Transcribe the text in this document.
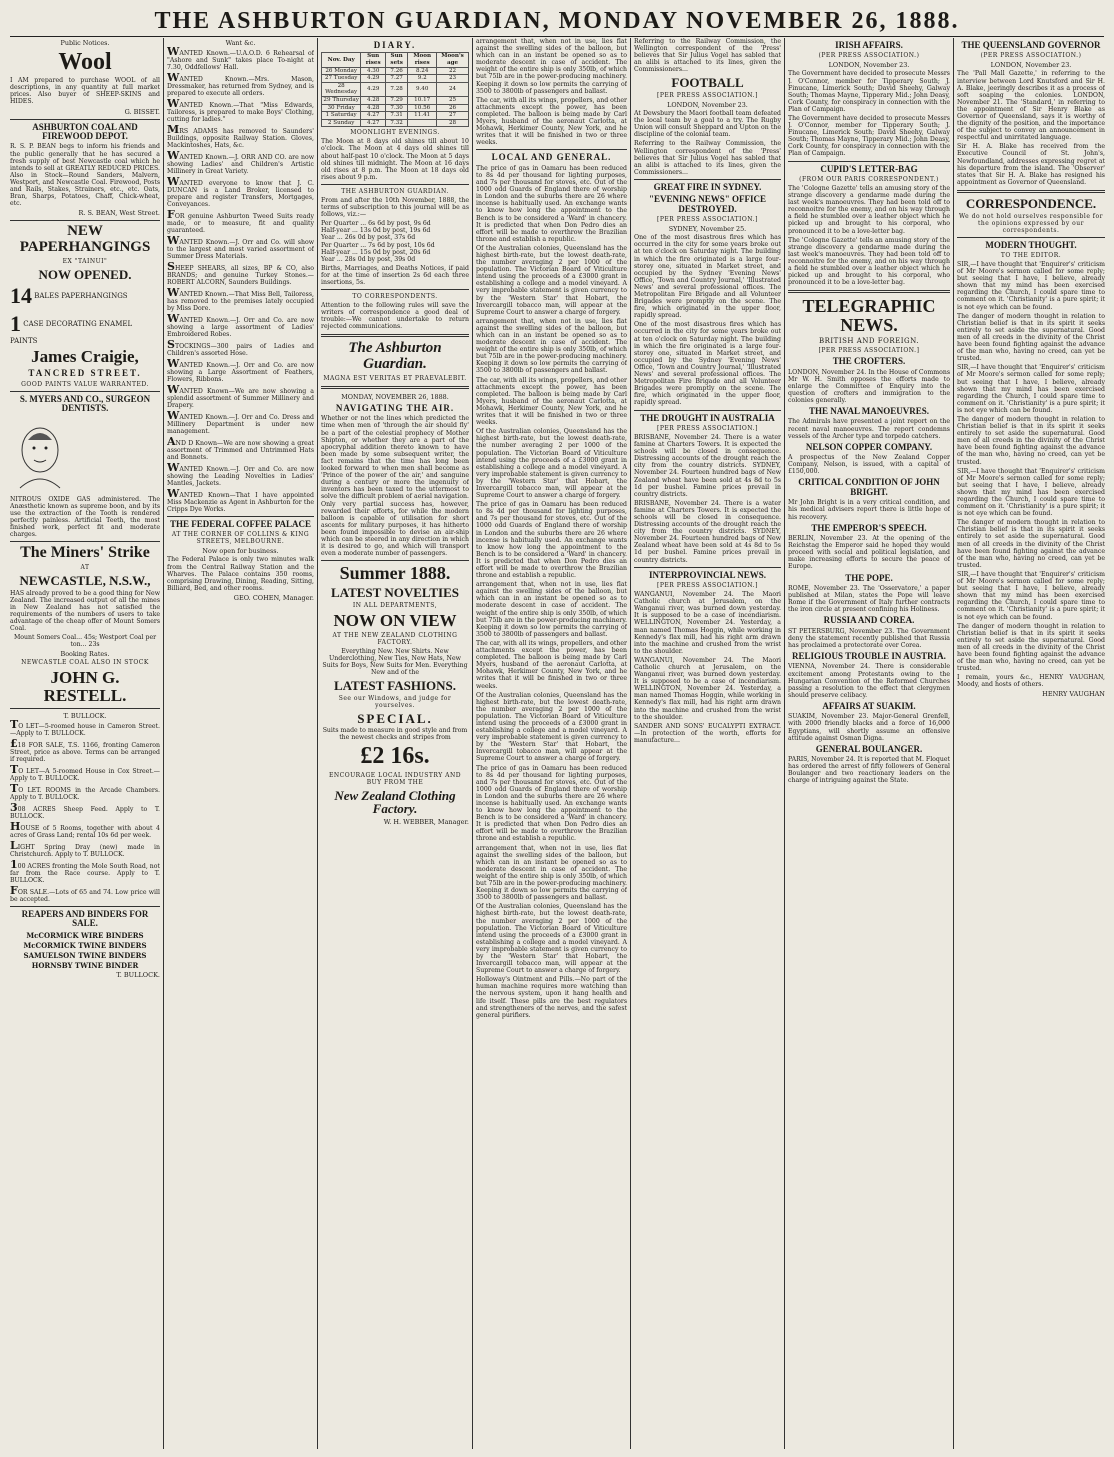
THE ASHBURTON GUARDIAN, MONDAY NOVEMBER 26, 1888.
Public Notices.
Wool

I AM prepared to purchase WOOL of all descriptions, in any quantity at full market prices. Also buyer of SHEEP-SKINS and HIDES.

G. BISSET.
ASHBURTON COAL AND FIREWOOD DEPOT.

R. S. P. BEAN begs to inform his friends and the public generally that he has secured a fresh supply of best Newcastle coal which he intends to sell at GREATLY REDUCED PRICES. Also in Stock—Round Sanders, Malvern, Westport, and Newcastle Coal. Firewood, Posts and Rails, Stakes, Strainers, etc., etc. Oats, Bran, Sharps, Potatoes, Chaff, Chick-wheat, etc.

R. S. BEAN, West Street.
NEW PAPERHANGINGS
EX "TAINUI"
NOW OPENED.
14 BALES PAPERHANGINGS
1 CASE DECORATING ENAMEL PAINTS
James Craigie,
TANCRED STREET.
GOOD PAINTS VALUE WARRANTED.
S. MYERS AND CO., SURGEON DENTISTS.

NITROUS OXIDE GAS administered. The Anæsthetic known as supreme boon, and by its use the extraction of the Tooth is rendered perfectly painless. Artificial Teeth, the most finished work, perfect fit and moderate charges.

The Miners' Strike
AT
NEWCASTLE, N.S.W.,

HAS already proved to be a good thing for New Zealand. The increased output of all the mines in New Zealand has not satisfied the requirements of the numbers of users to take advantage of the cheap offer of Mount Somers Coal.

Mount Somers Coal... 45s; Westport Coal per ton... 23s

Booking Rates.
NEWCASTLE COAL ALSO IN STOCK
JOHN G. RESTELL.
T. BULLOCK.
TO LET—5-roomed house in Cameron Street.—Apply to T. BULLOCK.
£18 FOR SALE, T.S. 1166, fronting Cameron Street, price as above. Terms can be arranged if required.
TO LET—A 5-roomed House in Cox Street.—Apply to T. BULLOCK.
TO LET. ROOMS in the Arcade Chambers. Apply to T. BULLOCK.
308 ACRES Sheep Feed. Apply to T. BULLOCK.
HOUSE of 5 Rooms, together with about 4 acres of Grass Land; rental 10s 6d per week.
LIGHT Spring Dray (new) made in Christchurch. Apply to T. BULLOCK.
100 ACRES fronting the Mole South Road, not far from the Race course. Apply to T. BULLOCK.
FOR SALE.—Lots of 65 and 74. Low price will be accepted.
REAPERS AND BINDERS FOR SALE.
McCORMICK WIRE BINDERS
McCORMICK TWINE BINDERS
SAMUELSON TWINE BINDERS
HORNSBY TWINE BINDER
T. BULLOCK.
Want &c.
WANTED Known.—U.A.O.D. 6 Rehearsal of "Ashore and Sunk" takes place To-night at 7.30, Oddfellows' Hall.
WANTED Known.—Mrs. Mason, Dressmaker, has returned from Sydney, and is prepared to execute all orders.
WANTED Known.—That "Miss Edwards, Tailoress, is prepared to make Boys' Clothing, cutting for ladies."
MRS ADAMS has removed to Saunders' Buildings, opposite Railway Station. Gloves, Mackintoshes, Hats, &c.
WANTED Known.—J. ORR AND CO. are now showing Ladies' and Children's Artistic Millinery in Great Variety.
WANTED everyone to know that J. C. DUNCAN is a Land Broker, licensed to prepare and register Transfers, Mortgages, Conveyances.
FOR genuine Ashburton Tweed Suits ready made, or to measure, fit and quality guaranteed.
WANTED Known.—J. Orr and Co. will show to the largest and most varied assortment of Summer Dress Materials.
SHEEP SHEARS, all sizes, BP & CO, also BRANDS; and genuine Turkey Stones.—ROBERT ALCORN, Saunders Buildings.
WANTED Known.—That Miss Bell, Tailoress, has removed to the premises lately occupied by Miss Dore.
WANTED Known.—J. Orr and Co. are now showing a large assortment of Ladies' Embroidered Robes.
STOCKINGS—300 pairs of Ladies and Children's assorted Hose.
WANTED Known.—J. Orr and Co. are now showing a Large Assortment of Feathers, Flowers, Ribbons.
WANTED Known—We are now showing a splendid assortment of Summer Millinery and Drapery.
WANTED Known.—J. Orr and Co. Dress and Millinery Department is under new management.
AND D Known—We are now showing a great assortment of Trimmed and Untrimmed Hats and Bonnets.
WANTED Known.—J. Orr and Co. are now showing the Leading Novelties in Ladies' Mantles, Jackets.
WANTED Known—That I have appointed Miss Mackenzie as Agent in Ashburton for the Cripps Dye Works.
THE FEDERAL COFFEE PALACE
AT THE CORNER OF COLLINS & KING STREETS, MELBOURNE.
Now open for business.

The Federal Palace is only two minutes walk from the Central Railway Station and the Wharves. The Palace contains 350 rooms, comprising Drawing, Dining, Reading, Sitting, Billiard, Bed, and other rooms.

GEO. COHEN, Manager.
DIARY.
Nov. Day	Sun rises	Sun sets	Moon rises	Moon's age
26 Monday	4.30	7.26	8.24	22
27 Tuesday	4.29	7.27	9.2	23
28 Wednesday	4.29	7.28	9.40	24
29 Thursday	4.28	7.29	10.17	25
30 Friday	4.28	7.30	10.56	26
1 Saturday	4.27	7.31	11.41	27
2 Sunday	4.27	7.32		28
MOONLIGHT EVENINGS.

The Moon at 8 days old shines till about 10 o'clock. The Moon at 4 days old shines till about half-past 10 o'clock. The Moon at 5 days old shines till midnight. The Moon at 16 days old rises at 8 p.m. The Moon at 18 days old rises about 9 p.m.

THE ASHBURTON GUARDIAN.

From and after the 10th November, 1888, the terms of subscription to this journal will be as follows, viz.:—

Per Quarter ... 6s 6d by post, 9s 6d

Half-year ... 13s 0d by post, 19s 6d

Year ... 26s 0d by post, 37s 6d

Per Quarter ... 7s 6d by post, 10s 6d

Half-year ... 15s 0d by post, 20s 6d

Year ... 28s 0d by post, 39s 0d

Births, Marriages, and Deaths Notices, if paid for at the time of insertion 2s 6d each three insertions, 5s.

TO CORRESPONDENTS.

Attention to the following rules will save the writers of correspondence a good deal of trouble:—We cannot undertake to return rejected communications.

The Ashburton Guardian.
MAGNA EST VERITAS ET PRAEVALEBIT.
MONDAY, NOVEMBER 26, 1888.
NAVIGATING THE AIR.

Whether or not the lines which predicted the time when men of 'through the air should fly' be a part of the celestial prophecy of Mother Shipton, or whether they are a part of the apocryphal addition thereto known to have been made by some subsequent writer, the fact remains that the time has long been looked forward to when men shall become as 'Prince of the power of the air,' and sanguine during a century or more the ingenuity of inventors has been taxed to the uttermost to solve the difficult problem of aerial navigation. Only very partial success has, however, rewarded their efforts, for while the modern balloon is capable of utilisation for short ascents for military purposes, it has hitherto been found impossible to devise an air-ship which can be steered in any direction in which it is desired to go, and which will transport even a moderate number of passengers.

Summer 1888.
LATEST NOVELTIES
IN ALL DEPARTMENTS,
NOW ON VIEW
AT THE NEW ZEALAND CLOTHING FACTORY.

Everything New. New Shirts. New Underclothing, New Ties, New Hats, New Suits for Boys, New Suits for Men. Everything New and of the

LATEST FASHIONS.
See our Windows, and judge for yourselves.
SPECIAL.

Suits made to measure in good style and from the newest checks and stripes from

£2 16s.
ENCOURAGE LOCAL INDUSTRY AND BUY FROM THE
New Zealand Clothing Factory.
W. H. WEBBER, Manager.

arrangement that, when not in use, lies flat against the swelling sides of the balloon, but which can in an instant be opened so as to moderate descent in case of accident. The weight of the entire ship is only 350lb, of which but 75lb are in the power-producing machinery. Keeping it down so low permits the carrying of 3500 to 3800lb of passengers and ballast.

The car, with all its wings, propellers, and other attachments except the power, has been completed. The balloon is being made by Carl Myers, husband of the aeronaut Carlotta, at Mohawk, Herkimer County, New York, and he writes that it will be finished in two or three weeks.

LOCAL AND GENERAL.

The price of gas in Oamaru has been reduced to 8s 4d per thousand for lighting purposes, and 7s per thousand for stoves, etc. Out of the 1000 odd Guards of England there of worship in London and the suburbs there are 26 where incense is habitually used. An exchange wants to know how long the appointment to the Bench is to be considered a 'Ward' in chancery. It is predicted that when Don Pedro dies an effort will be made to overthrow the Brazilian throne and establish a republic.

Of the Australian colonies, Queensland has the highest birth-rate, but the lowest death-rate, the number averaging 2 per 1000 of the population. The Victorian Board of Viticulture intend using the proceeds of a £3000 grant in establishing a college and a model vineyard. A very improbable statement is given currency to by the 'Western Star' that Hobart, the Invercargill tobacco man, will appear at the Supreme Court to answer a charge of forgery.

arrangement that, when not in use, lies flat against the swelling sides of the balloon, but which can in an instant be opened so as to moderate descent in case of accident. The weight of the entire ship is only 350lb, of which but 75lb are in the power-producing machinery. Keeping it down so low permits the carrying of 3500 to 3800lb of passengers and ballast.

The car, with all its wings, propellers, and other attachments except the power, has been completed. The balloon is being made by Carl Myers, husband of the aeronaut Carlotta, at Mohawk, Herkimer County, New York, and he writes that it will be finished in two or three weeks.

Of the Australian colonies, Queensland has the highest birth-rate, but the lowest death-rate, the number averaging 2 per 1000 of the population. The Victorian Board of Viticulture intend using the proceeds of a £3000 grant in establishing a college and a model vineyard. A very improbable statement is given currency to by the 'Western Star' that Hobart, the Invercargill tobacco man, will appear at the Supreme Court to answer a charge of forgery.

The price of gas in Oamaru has been reduced to 8s 4d per thousand for lighting purposes, and 7s per thousand for stoves, etc. Out of the 1000 odd Guards of England there of worship in London and the suburbs there are 26 where incense is habitually used. An exchange wants to know how long the appointment to the Bench is to be considered a 'Ward' in chancery. It is predicted that when Don Pedro dies an effort will be made to overthrow the Brazilian throne and establish a republic.

arrangement that, when not in use, lies flat against the swelling sides of the balloon, but which can in an instant be opened so as to moderate descent in case of accident. The weight of the entire ship is only 350lb, of which but 75lb are in the power-producing machinery. Keeping it down so low permits the carrying of 3500 to 3800lb of passengers and ballast.

The car, with all its wings, propellers, and other attachments except the power, has been completed. The balloon is being made by Carl Myers, husband of the aeronaut Carlotta, at Mohawk, Herkimer County, New York, and he writes that it will be finished in two or three weeks.

Of the Australian colonies, Queensland has the highest birth-rate, but the lowest death-rate, the number averaging 2 per 1000 of the population. The Victorian Board of Viticulture intend using the proceeds of a £3000 grant in establishing a college and a model vineyard. A very improbable statement is given currency to by the 'Western Star' that Hobart, the Invercargill tobacco man, will appear at the Supreme Court to answer a charge of forgery.

The price of gas in Oamaru has been reduced to 8s 4d per thousand for lighting purposes, and 7s per thousand for stoves, etc. Out of the 1000 odd Guards of England there of worship in London and the suburbs there are 26 where incense is habitually used. An exchange wants to know how long the appointment to the Bench is to be considered a 'Ward' in chancery. It is predicted that when Don Pedro dies an effort will be made to overthrow the Brazilian throne and establish a republic.

arrangement that, when not in use, lies flat against the swelling sides of the balloon, but which can in an instant be opened so as to moderate descent in case of accident. The weight of the entire ship is only 350lb, of which but 75lb are in the power-producing machinery. Keeping it down so low permits the carrying of 3500 to 3800lb of passengers and ballast.

Of the Australian colonies, Queensland has the highest birth-rate, but the lowest death-rate, the number averaging 2 per 1000 of the population. The Victorian Board of Viticulture intend using the proceeds of a £3000 grant in establishing a college and a model vineyard. A very improbable statement is given currency to by the 'Western Star' that Hobart, the Invercargill tobacco man, will appear at the Supreme Court to answer a charge of forgery.

Holloway's Ointment and Pills.—No part of the human machine requires more watching than the nervous system, upon it hang health and life itself. These pills are the best regulators and strengtheners of the nerves, and the safest general purifiers.

Referring to the Railway Commission, the Wellington correspondent of the 'Press' believes that Sir Julius Vogel has sabled that an alibi is attached to its lines, given the Commissioners...

FOOTBALL
[PER PRESS ASSOCIATION.]
LONDON, November 23.

At Dewsbury the Maori football team defeated the local team by a goal to a try. The Rugby Union will consult Sheppard and Upton on the discipline of the colonial team.

Referring to the Railway Commission, the Wellington correspondent of the 'Press' believes that Sir Julius Vogel has sabled that an alibi is attached to its lines, given the Commissioners...

GREAT FIRE IN SYDNEY.
"EVENING NEWS" OFFICE DESTROYED.
[PER PRESS ASSOCIATION.]
SYDNEY, November 25.

One of the most disastrous fires which has occurred in the city for some years broke out at ten o'clock on Saturday night. The building in which the fire originated is a large four-storey one, situated in Market street, and occupied by the Sydney 'Evening News' Office, 'Town and Country Journal,' 'Illustrated News' and several professional offices. The Metropolitan Fire Brigade and all Volunteer Brigades were promptly on the scene. The fire, which originated in the upper floor, rapidly spread.

One of the most disastrous fires which has occurred in the city for some years broke out at ten o'clock on Saturday night. The building in which the fire originated is a large four-storey one, situated in Market street, and occupied by the Sydney 'Evening News' Office, 'Town and Country Journal,' 'Illustrated News' and several professional offices. The Metropolitan Fire Brigade and all Volunteer Brigades were promptly on the scene. The fire, which originated in the upper floor, rapidly spread.

THE DROUGHT IN AUSTRALIA
[PER PRESS ASSOCIATION.]

BRISBANE, November 24. There is a water famine at Charters Towers. It is expected the schools will be closed in consequence. Distressing accounts of the drought reach the city from the country districts. SYDNEY, November 24. Fourteen hundred bags of New Zealand wheat have been sold at 4s 8d to 5s 1d per bushel. Famine prices prevail in country districts.

BRISBANE, November 24. There is a water famine at Charters Towers. It is expected the schools will be closed in consequence. Distressing accounts of the drought reach the city from the country districts. SYDNEY, November 24. Fourteen hundred bags of New Zealand wheat have been sold at 4s 8d to 5s 1d per bushel. Famine prices prevail in country districts.

INTERPROVINCIAL NEWS.
[PER PRESS ASSOCIATION.]

WANGANUI, November 24. The Maori Catholic church at Jerusalem, on the Wanganui river, was burned down yesterday. It is supposed to be a case of incendiarism. WELLINGTON, November 24. Yesterday, a man named Thomas Hoggin, while working in Kennedy's flax mill, had his right arm drawn into the machine and crushed from the wrist to the shoulder.

WANGANUI, November 24. The Maori Catholic church at Jerusalem, on the Wanganui river, was burned down yesterday. It is supposed to be a case of incendiarism. WELLINGTON, November 24. Yesterday, a man named Thomas Hoggin, while working in Kennedy's flax mill, had his right arm drawn into the machine and crushed from the wrist to the shoulder.

SANDER AND SONS' EUCALYPTI EXTRACT.—In protection of the worth, efforts for manufacture...

IRISH AFFAIRS.
(PER PRESS ASSOCIATION.)
LONDON, November 23.

The Government have decided to prosecute Messrs J. O'Connor, member for Tipperary South; J. Finucane, Limerick South; David Sheehy, Galway South; Thomas Mayne, Tipperary Mid.; John Deasy, Cork County, for conspiracy in connection with the Plan of Campaign.

The Government have decided to prosecute Messrs J. O'Connor, member for Tipperary South; J. Finucane, Limerick South; David Sheehy, Galway South; Thomas Mayne, Tipperary Mid.; John Deasy, Cork County, for conspiracy in connection with the Plan of Campaign.

CUPID'S LETTER-BAG
(FROM OUR PARIS CORRESPONDENT.)

The 'Cologne Gazette' tells an amusing story of the strange discovery a gendarme made during the last week's manoeuvres. They had been told off to reconnoitre for the enemy, and on his way through a field he stumbled over a leather object which he picked up and brought to his corporal, who pronounced it to be a love-letter bag.

The 'Cologne Gazette' tells an amusing story of the strange discovery a gendarme made during the last week's manoeuvres. They had been told off to reconnoitre for the enemy, and on his way through a field he stumbled over a leather object which he picked up and brought to his corporal, who pronounced it to be a love-letter bag.

TELEGRAPHIC NEWS.
BRITISH AND FOREIGN.
[PER PRESS ASSOCIATION.]
THE CROFTERS.

LONDON, November 24. In the House of Commons Mr W. H. Smith opposes the efforts made to enlarge the Committee of Enquiry into the question of crofters and immigration to the colonies generally.

THE NAVAL MANOEUVRES.

The Admirals have presented a joint report on the recent naval manoeuvres. The report condemns vessels of the Archer type and torpedo catchers.

NELSON COPPER COMPANY.

A prospectus of the New Zealand Copper Company, Nelson, is issued, with a capital of £150,000.

CRITICAL CONDITION OF JOHN BRIGHT.

Mr John Bright is in a very critical condition, and his medical advisers report there is little hope of his recovery.

THE EMPEROR'S SPEECH.

BERLIN, November 23. At the opening of the Reichstag the Emperor said he hoped they would proceed with social and political legislation, and make increasing efforts to secure the peace of Europe.

THE POPE.

ROME, November 23. The 'Osservatore,' a paper published at Milan, states the Pope will leave Rome if the Government of Italy further contracts the iron circle at present confining his Holiness.

RUSSIA AND COREA.

ST PETERSBURG, November 23. The Government deny the statement recently published that Russia has proclaimed a protectorate over Corea.

RELIGIOUS TROUBLE IN AUSTRIA.

VIENNA, November 24. There is considerable excitement among Protestants owing to the Hungarian Convention of the Reformed Churches passing a resolution to the effect that clergymen should preserve celibacy.

AFFAIRS AT SUAKIM.

SUAKIM, November 23. Major-General Grenfell, with 2000 friendly blacks and a force of 16,000 Egyptians, will shortly assume an offensive attitude against Osman Digna.

GENERAL BOULANGER.

PARIS, November 24. It is reported that M. Floquet has ordered the arrest of fifty followers of General Boulanger and two reactionary leaders on the charge of intriguing against the State.

THE QUEENSLAND GOVERNOR
(PER PRESS ASSOCIATION.)
LONDON, November 23.

The 'Pall Mall Gazette,' in referring to the interview between Lord Knutsford and Sir H. A. Blake, jeeringly describes it as a process of soft soaping the colonies. LONDON, November 21. The 'Standard,' in referring to the appointment of Sir Henry Blake as Governor of Queensland, says it is worthy of the dignity of the position, and the importance of the subject to convey an announcement in respectful and unirritated language.

Sir H. A. Blake has received from the Executive Council of St. John's, Newfoundland, addresses expressing regret at his departure from the island. The 'Observer' states that Sir H. A. Blake has resigned his appointment as Governor of Queensland.

CORRESPONDENCE.
We do not hold ourselves responsible for the opinions expressed by our correspondents.
MODERN THOUGHT.
TO THE EDITOR.

SIR,—I have thought that 'Enquirer's' criticism of Mr Moore's sermon called for some reply; but seeing that I have, I believe, already shown that my mind has been exercised regarding the Church, I could spare time to comment on it. 'Christianity' is a pure spirit; it is not eye which can be found.

The danger of modern thought in relation to Christian belief is that in its spirit it seeks entirely to set aside the supernatural. Good men of all creeds in the divinity of the Christ have been found fighting against the advance of the man who, having no creed, can yet be trusted.

SIR,—I have thought that 'Enquirer's' criticism of Mr Moore's sermon called for some reply; but seeing that I have, I believe, already shown that my mind has been exercised regarding the Church, I could spare time to comment on it. 'Christianity' is a pure spirit; it is not eye which can be found.

The danger of modern thought in relation to Christian belief is that in its spirit it seeks entirely to set aside the supernatural. Good men of all creeds in the divinity of the Christ have been found fighting against the advance of the man who, having no creed, can yet be trusted.

SIR,—I have thought that 'Enquirer's' criticism of Mr Moore's sermon called for some reply; but seeing that I have, I believe, already shown that my mind has been exercised regarding the Church, I could spare time to comment on it. 'Christianity' is a pure spirit; it is not eye which can be found.

The danger of modern thought in relation to Christian belief is that in its spirit it seeks entirely to set aside the supernatural. Good men of all creeds in the divinity of the Christ have been found fighting against the advance of the man who, having no creed, can yet be trusted.

SIR,—I have thought that 'Enquirer's' criticism of Mr Moore's sermon called for some reply; but seeing that I have, I believe, already shown that my mind has been exercised regarding the Church, I could spare time to comment on it. 'Christianity' is a pure spirit; it is not eye which can be found.

The danger of modern thought in relation to Christian belief is that in its spirit it seeks entirely to set aside the supernatural. Good men of all creeds in the divinity of the Christ have been found fighting against the advance of the man who, having no creed, can yet be trusted.

I remain, yours &c., HENRY VAUGHAN, Moody, and hosts of others.

HENRY VAUGHAN
